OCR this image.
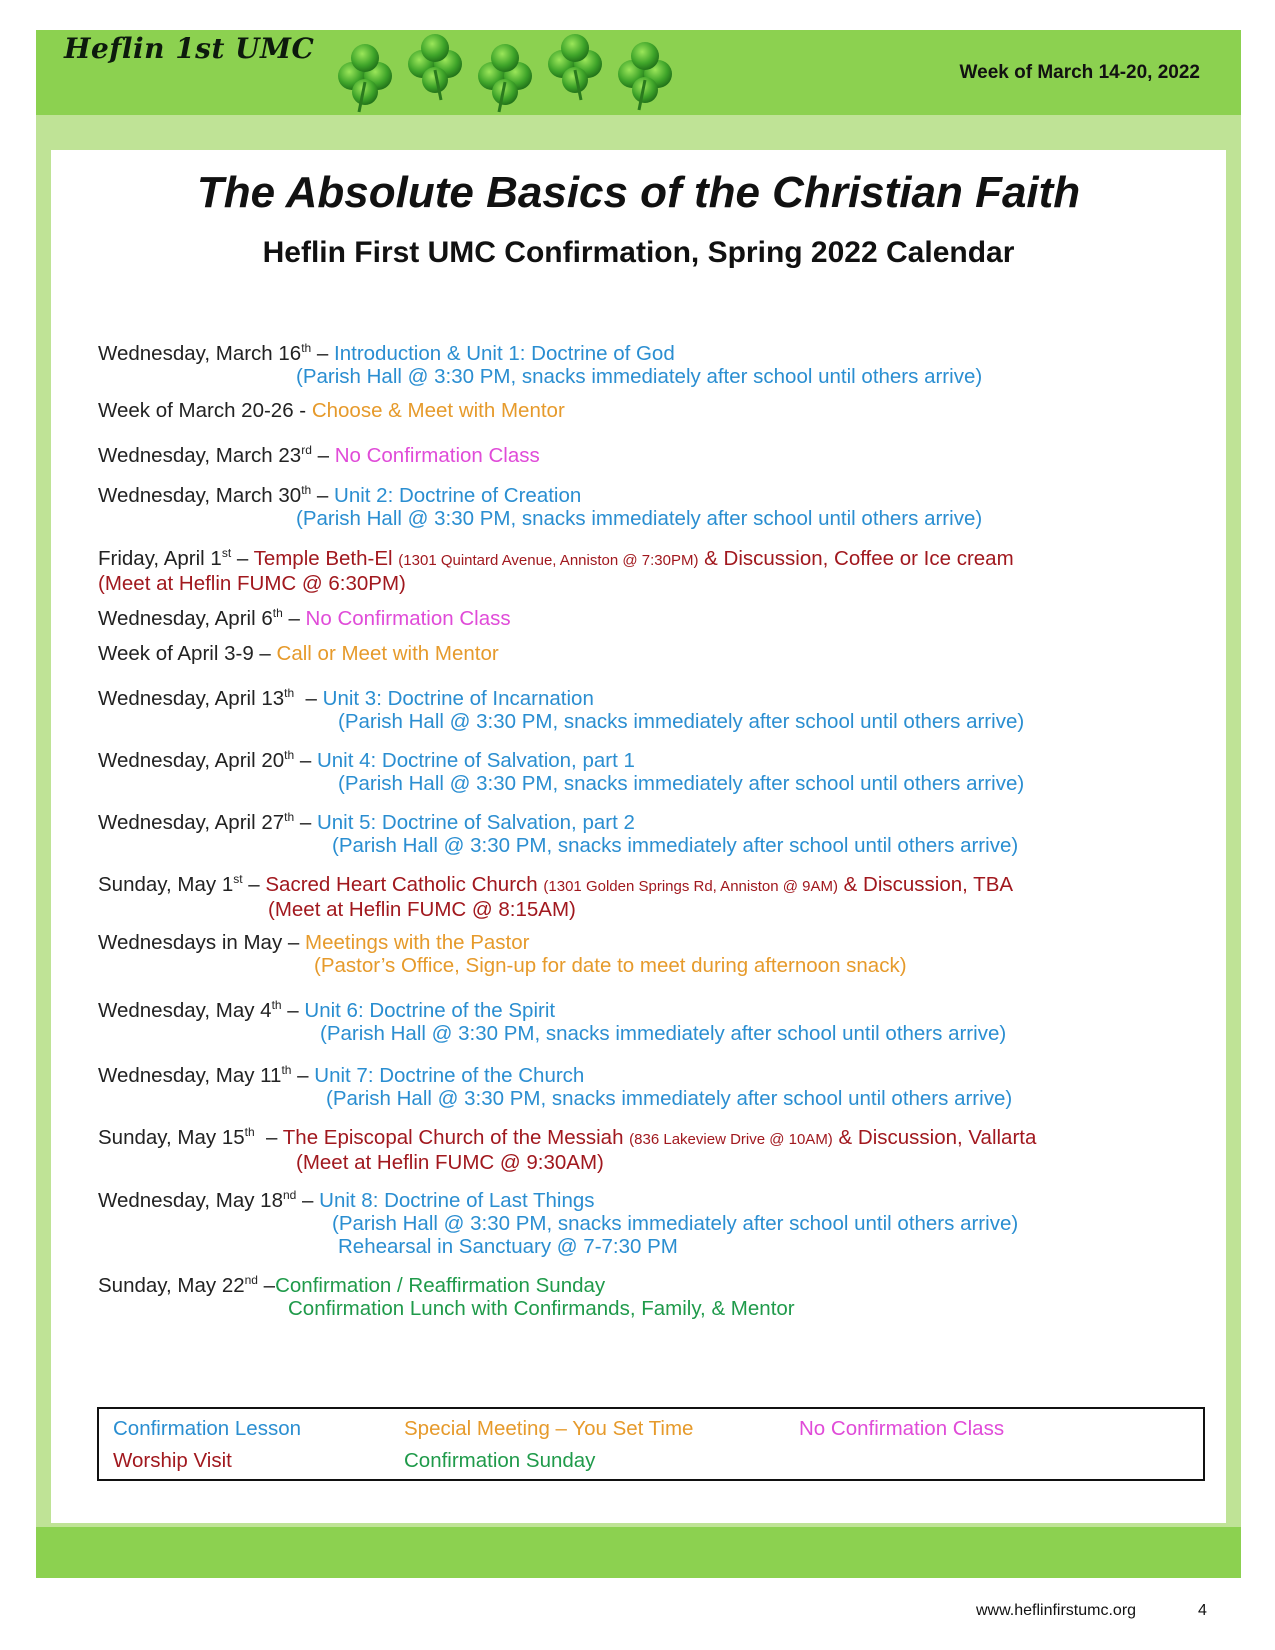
Heflin 1st UMC
Week of March 14-20, 2022
The Absolute Basics of the Christian Faith
Heflin First UMC Confirmation, Spring 2022 Calendar
Wednesday, March 16th – Introduction & Unit 1: Doctrine of God
(Parish Hall @ 3:30 PM, snacks immediately after school until others arrive)
Week of March 20-26 - Choose & Meet with Mentor
Wednesday, March 23rd – No Confirmation Class
Wednesday, March 30th – Unit 2: Doctrine of Creation
(Parish Hall @ 3:30 PM, snacks immediately after school until others arrive)
Friday, April 1st – Temple Beth-El (1301 Quintard Avenue, Anniston @ 7:30PM) & Discussion, Coffee or Ice cream
(Meet at Heflin FUMC @ 6:30PM)
Wednesday, April 6th – No Confirmation Class
Week of April 3-9 – Call or Meet with Mentor
Wednesday, April 13th  – Unit 3: Doctrine of Incarnation
(Parish Hall @ 3:30 PM, snacks immediately after school until others arrive)
Wednesday, April 20th – Unit 4: Doctrine of Salvation, part 1
(Parish Hall @ 3:30 PM, snacks immediately after school until others arrive)
Wednesday, April 27th – Unit 5: Doctrine of Salvation, part 2
(Parish Hall @ 3:30 PM, snacks immediately after school until others arrive)
Sunday, May 1st – Sacred Heart Catholic Church (1301 Golden Springs Rd, Anniston @ 9AM) & Discussion, TBA
(Meet at Heflin FUMC @ 8:15AM)
Wednesdays in May – Meetings with the Pastor
(Pastor’s Office, Sign-up for date to meet during afternoon snack)
Wednesday, May 4th – Unit 6: Doctrine of the Spirit
(Parish Hall @ 3:30 PM, snacks immediately after school until others arrive)
Wednesday, May 11th – Unit 7: Doctrine of the Church
(Parish Hall @ 3:30 PM, snacks immediately after school until others arrive)
Sunday, May 15th  – The Episcopal Church of the Messiah (836 Lakeview Drive @ 10AM) & Discussion, Vallarta
(Meet at Heflin FUMC @ 9:30AM)
Wednesday, May 18nd – Unit 8: Doctrine of Last Things
(Parish Hall @ 3:30 PM, snacks immediately after school until others arrive)
Rehearsal in Sanctuary @ 7-7:30 PM
Sunday, May 22nd –Confirmation / Reaffirmation Sunday
Confirmation Lunch with Confirmands, Family, & Mentor
Confirmation Lesson	Special Meeting – You Set Time	No Confirmation Class
Worship Visit	Confirmation Sunday
www.heflinfirstumc.org	4
